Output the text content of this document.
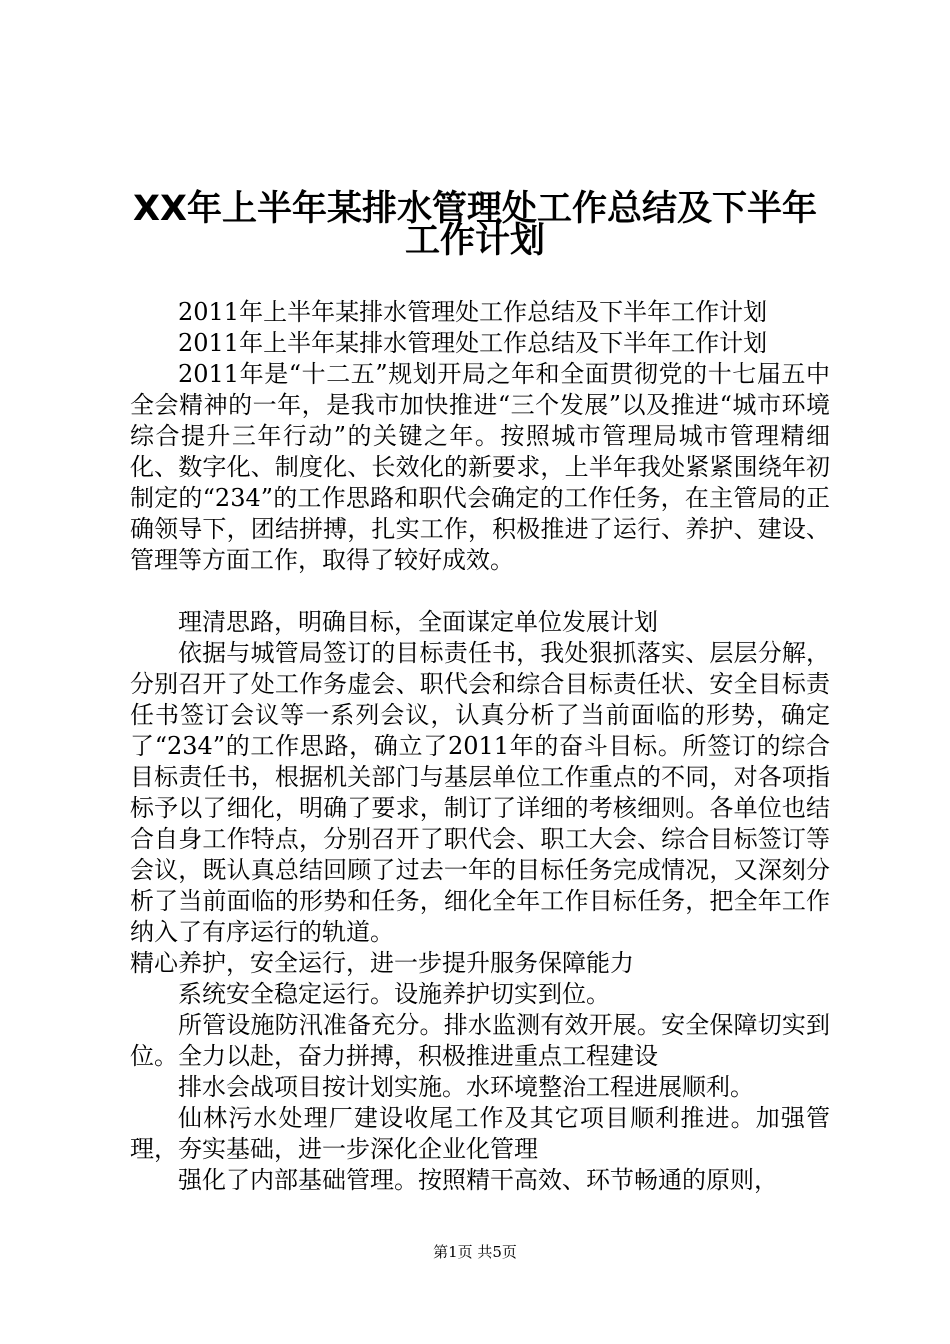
XX年上半年某排水管理处工作总结及下半年
工作计划

2011年上半年某排水管理处工作总结及下半年工作计划

2011年上半年某排水管理处工作总结及下半年工作计划

2011年是“十二五”规划开局之年和全面贯彻党的十七届五中全会精神的一年，是我市加快推进“三个发展”以及推进“城市环境综合提升三年行动”的关键之年。按照城市管理局城市管理精细化、数字化、制度化、长效化的新要求，上半年我处紧紧围绕年初制定的“234”的工作思路和职代会确定的工作任务，在主管局的正确领导下，团结拼搏，扎实工作，积极推进了运行、养护、建设、管理等方面工作，取得了较好成效。

理清思路，明确目标，全面谋定单位发展计划

依据与城管局签订的目标责任书，我处狠抓落实、层层分解，分别召开了处工作务虚会、职代会和综合目标责任状、安全目标责任书签订会议等一系列会议，认真分析了当前面临的形势，确定了“234”的工作思路，确立了2011年的奋斗目标。所签订的综合目标责任书，根据机关部门与基层单位工作重点的不同，对各项指标予以了细化，明确了要求，制订了详细的考核细则。各单位也结合自身工作特点，分别召开了职代会、职工大会、综合目标签订等会议，既认真总结回顾了过去一年的目标任务完成情况，又深刻分析了当前面临的形势和任务，细化全年工作目标任务，把全年工作纳入了有序运行的轨道。

精心养护，安全运行，进一步提升服务保障能力

系统安全稳定运行。设施养护切实到位。

所管设施防汛准备充分。排水监测有效开展。安全保障切实到位。全力以赴，奋力拼搏，积极推进重点工程建设

排水会战项目按计划实施。水环境整治工程进展顺利。

仙林污水处理厂建设收尾工作及其它项目顺利推进。加强管理，夯实基础，进一步深化企业化管理

强化了内部基础管理。按照精干高效、环节畅通的原则，

第1页 共5页
